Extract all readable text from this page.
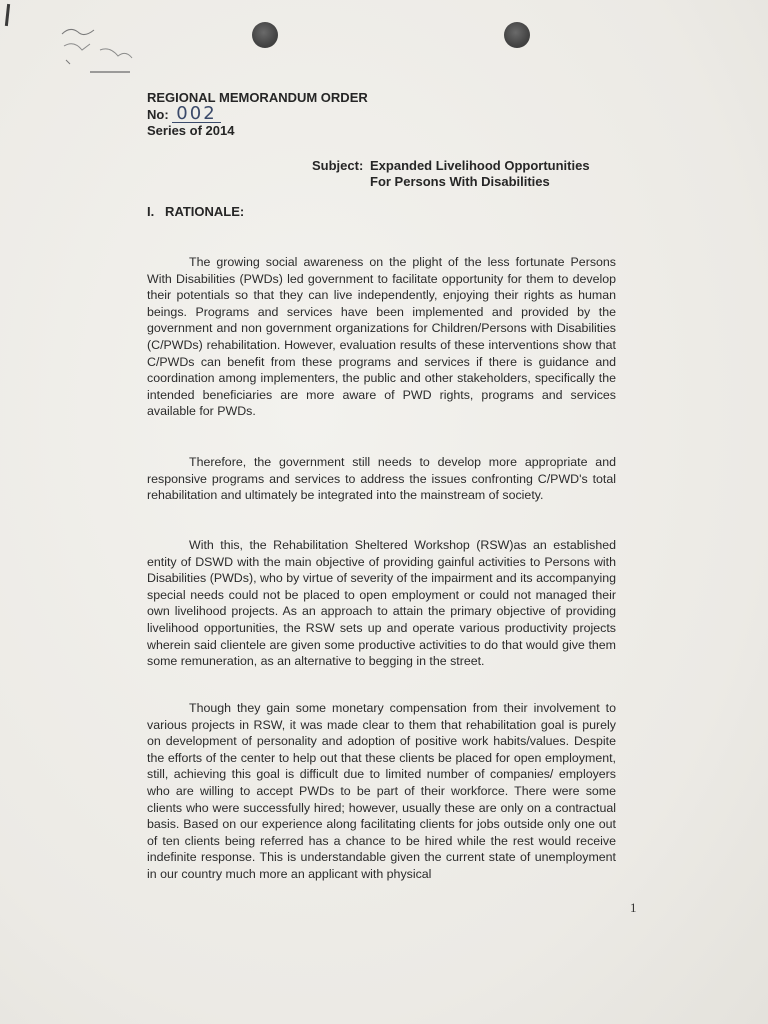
REGIONAL MEMORANDUM ORDER
No: 002
Series of 2014
Subject: Expanded Livelihood Opportunities
For Persons With Disabilities
I.   RATIONALE:
The growing social awareness on the plight of the less fortunate Persons With Disabilities (PWDs) led government to facilitate opportunity for them to develop their potentials so that they can live independently, enjoying their rights as human beings. Programs and services have been implemented and provided by the government and non government organizations for Children/Persons with Disabilities (C/PWDs) rehabilitation. However, evaluation results of these interventions show that C/PWDs can benefit from these programs and services if there is guidance and coordination among implementers, the public and other stakeholders, specifically the intended beneficiaries are more aware of PWD rights, programs and services available for PWDs.
Therefore, the government still needs to develop more appropriate and responsive programs and services to address the issues confronting C/PWD's total rehabilitation and ultimately be integrated into the mainstream of society.
With this, the Rehabilitation Sheltered Workshop (RSW)as an established entity of DSWD with the main objective of providing gainful activities to Persons with Disabilities (PWDs), who by virtue of severity of the impairment and its accompanying special needs could not be placed to open employment or could not managed their own livelihood projects. As an approach to attain the primary objective of providing livelihood opportunities, the RSW sets up and operate various productivity projects wherein said clientele are given some productive activities to do that would give them some remuneration, as an alternative to begging in the street.
Though they gain some monetary compensation from their involvement to various projects in RSW, it was made clear to them that rehabilitation goal is purely on development of personality and adoption of positive work habits/values. Despite the efforts of the center to help out that these clients be placed for open employment, still, achieving this goal is difficult due to limited number of companies/ employers who are willing to accept PWDs to be part of their workforce. There were some clients who were successfully hired; however, usually these are only on a contractual basis. Based on our experience along facilitating clients for jobs outside only one out of ten clients being referred has a chance to be hired while the rest would receive indefinite response. This is understandable given the current state of unemployment in our country much more an applicant with physical
1
